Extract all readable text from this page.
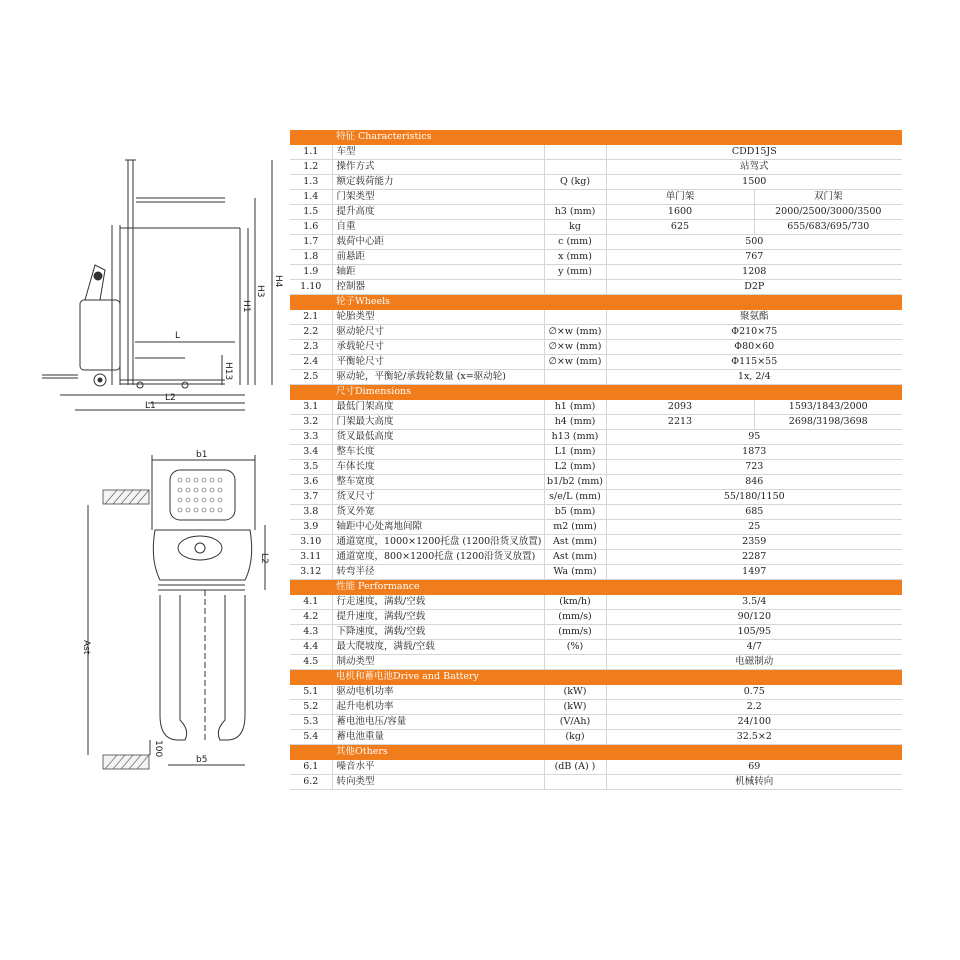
H4
H3
H1
L
H13
L2
L1
b1
b5
L2
Ast
100
	特征 Characteristics			
1.1	车型		CDD15JS	
1.2	操作方式		站驾式	
1.3	额定载荷能力	Q (kg)	1500	
1.4	门架类型		单门架	双门架
1.5	提升高度	h3 (mm)	1600	2000/2500/3000/3500
1.6	自重	kg	625	655/683/695/730
1.7	载荷中心距	c (mm)	500	
1.8	前悬距	x (mm)	767	
1.9	轴距	y (mm)	1208	
1.10	控制器		D2P	
	轮子Wheels			
2.1	轮胎类型		聚氨酯	
2.2	驱动轮尺寸	∅×w (mm)	Φ210×75	
2.3	承载轮尺寸	∅×w (mm)	Φ80×60	
2.4	平衡轮尺寸	∅×w (mm)	Φ115×55	
2.5	驱动轮，平衡轮/承载轮数量 (x=驱动轮)		1x, 2/4	
	尺寸Dimensions			
3.1	最低门架高度	h1 (mm)	2093	1593/1843/2000
3.2	门架最大高度	h4 (mm)	2213	2698/3198/3698
3.3	货叉最低高度	h13 (mm)	95	
3.4	整车长度	L1 (mm)	1873	
3.5	车体长度	L2 (mm)	723	
3.6	整车宽度	b1/b2 (mm)	846	
3.7	货叉尺寸	s/e/L (mm)	55/180/1150	
3.8	货叉外宽	b5 (mm)	685	
3.9	轴距中心处离地间隙	m2 (mm)	25	
3.10	通道宽度，1000×1200托盘 (1200沿货叉放置)	Ast (mm)	2359	
3.11	通道宽度，800×1200托盘 (1200沿货叉放置)	Ast (mm)	2287	
3.12	转弯半径	Wa (mm)	1497	
	性能 Performance			
4.1	行走速度，满载/空载	(km/h)	3.5/4	
4.2	提升速度，满载/空载	(mm/s)	90/120	
4.3	下降速度，满载/空载	(mm/s)	105/95	
4.4	最大爬坡度，满载/空载	(%)	4/7	
4.5	制动类型		电磁制动	
	电机和蓄电池Drive and Battery			
5.1	驱动电机功率	(kW)	0.75	
5.2	起升电机功率	(kW)	2.2	
5.3	蓄电池电压/容量	(V/Ah)	24/100	
5.4	蓄电池重量	(kg)	32.5×2	
	其他Others			
6.1	噪音水平	(dB (A) )	69	
6.2	转向类型		机械转向	
